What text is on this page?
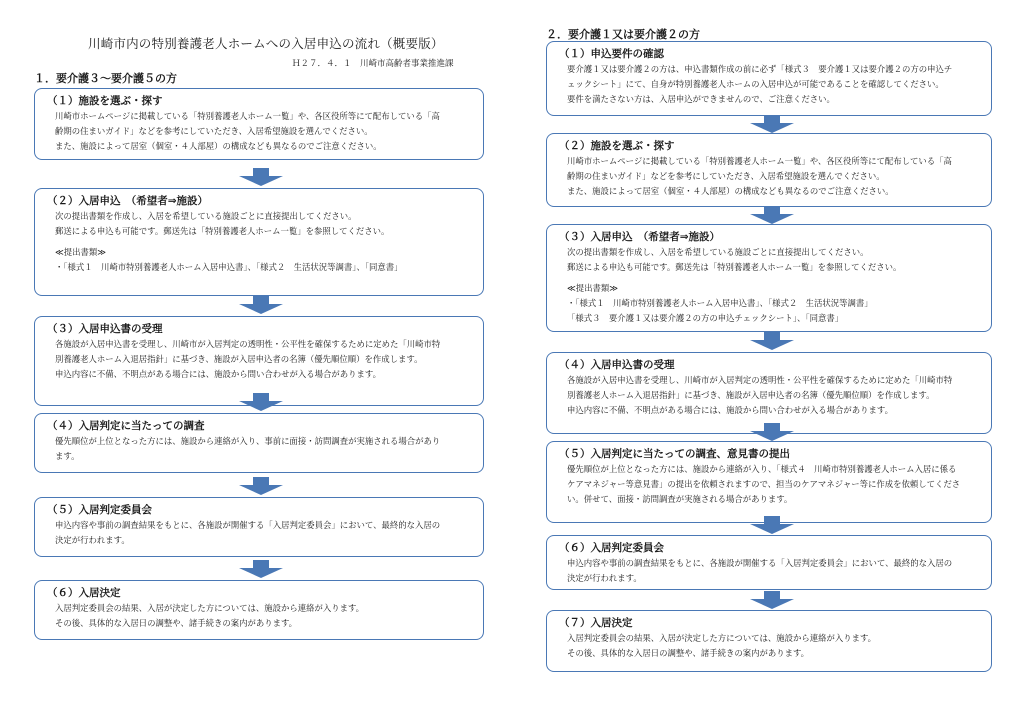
川崎市内の特別養護老人ホームへの入居申込の流れ（概要版）
Ｈ２７．４．１　川崎市高齢者事業推進課
１．要介護３～要介護５の方
（１）施設を選ぶ・探す
川崎市ホームページに掲載している「特別養護老人ホーム一覧」や、各区役所等にて配布している「高
齢期の住まいガイド」などを参考にしていただき、入居希望施設を選んでください。
また、施設によって居室（個室・４人部屋）の構成なども異なるのでご注意ください。
（２）入居申込　（希望者⇒施設）
次の提出書類を作成し、入居を希望している施設ごとに直接提出してください。
郵送による申込も可能です。郵送先は「特別養護老人ホーム一覧」を参照してください。
≪提出書類≫
・「様式１　川崎市特別養護老人ホーム入居申込書」、「様式２　生活状況等調書」、「同意書」
（３）入居申込書の受理
各施設が入居申込書を受理し、川崎市が入居判定の透明性・公平性を確保するために定めた「川崎市特
別養護老人ホーム入退居指針」に基づき、施設が入居申込者の名簿（優先順位順）を作成します。
申込内容に不備、不明点がある場合には、施設から問い合わせが入る場合があります。
（４）入居判定に当たっての調査
優先順位が上位となった方には、施設から連絡が入り、事前に面接・訪問調査が実施される場合があり
ます。
（５）入居判定委員会
申込内容や事前の調査結果をもとに、各施設が開催する「入居判定委員会」において、最終的な入居の
決定が行われます。
（６）入居決定
入居判定委員会の結果、入居が決定した方については、施設から連絡が入ります。
その後、具体的な入居日の調整や、諸手続きの案内があります。
２．要介護１又は要介護２の方
（１）申込要件の確認
要介護１又は要介護２の方は、申込書類作成の前に必ず「様式３　要介護１又は要介護２の方の申込チ
ェックシート」にて、自身が特別養護老人ホームの入居申込が可能であることを確認してください。
要件を満たさない方は、入居申込ができませんので、ご注意ください。
（２）施設を選ぶ・探す
川崎市ホームページに掲載している「特別養護老人ホーム一覧」や、各区役所等にて配布している「高
齢期の住まいガイド」などを参考にしていただき、入居希望施設を選んでください。
また、施設によって居室（個室・４人部屋）の構成なども異なるのでご注意ください。
（３）入居申込　（希望者⇒施設）
次の提出書類を作成し、入居を希望している施設ごとに直接提出してください。
郵送による申込も可能です。郵送先は「特別養護老人ホーム一覧」を参照してください。
≪提出書類≫
・「様式１　川崎市特別養護老人ホーム入居申込書」、「様式２　生活状況等調書」
「様式３　要介護１又は要介護２の方の申込チェックシート」、「同意書」
（４）入居申込書の受理
各施設が入居申込書を受理し、川崎市が入居判定の透明性・公平性を確保するために定めた「川崎市特
別養護老人ホーム入退居指針」に基づき、施設が入居申込者の名簿（優先順位順）を作成します。
申込内容に不備、不明点がある場合には、施設から問い合わせが入る場合があります。
（５）入居判定に当たっての調査、意見書の提出
優先順位が上位となった方には、施設から連絡が入り、「様式４　川崎市特別養護老人ホーム入居に係る
ケアマネジャー等意見書」の提出を依頼されますので、担当のケアマネジャー等に作成を依頼してくださ
い。併せて、面接・訪問調査が実施される場合があります。
（６）入居判定委員会
申込内容や事前の調査結果をもとに、各施設が開催する「入居判定委員会」において、最終的な入居の
決定が行われます。
（７）入居決定
入居判定委員会の結果、入居が決定した方については、施設から連絡が入ります。
その後、具体的な入居日の調整や、諸手続きの案内があります。
